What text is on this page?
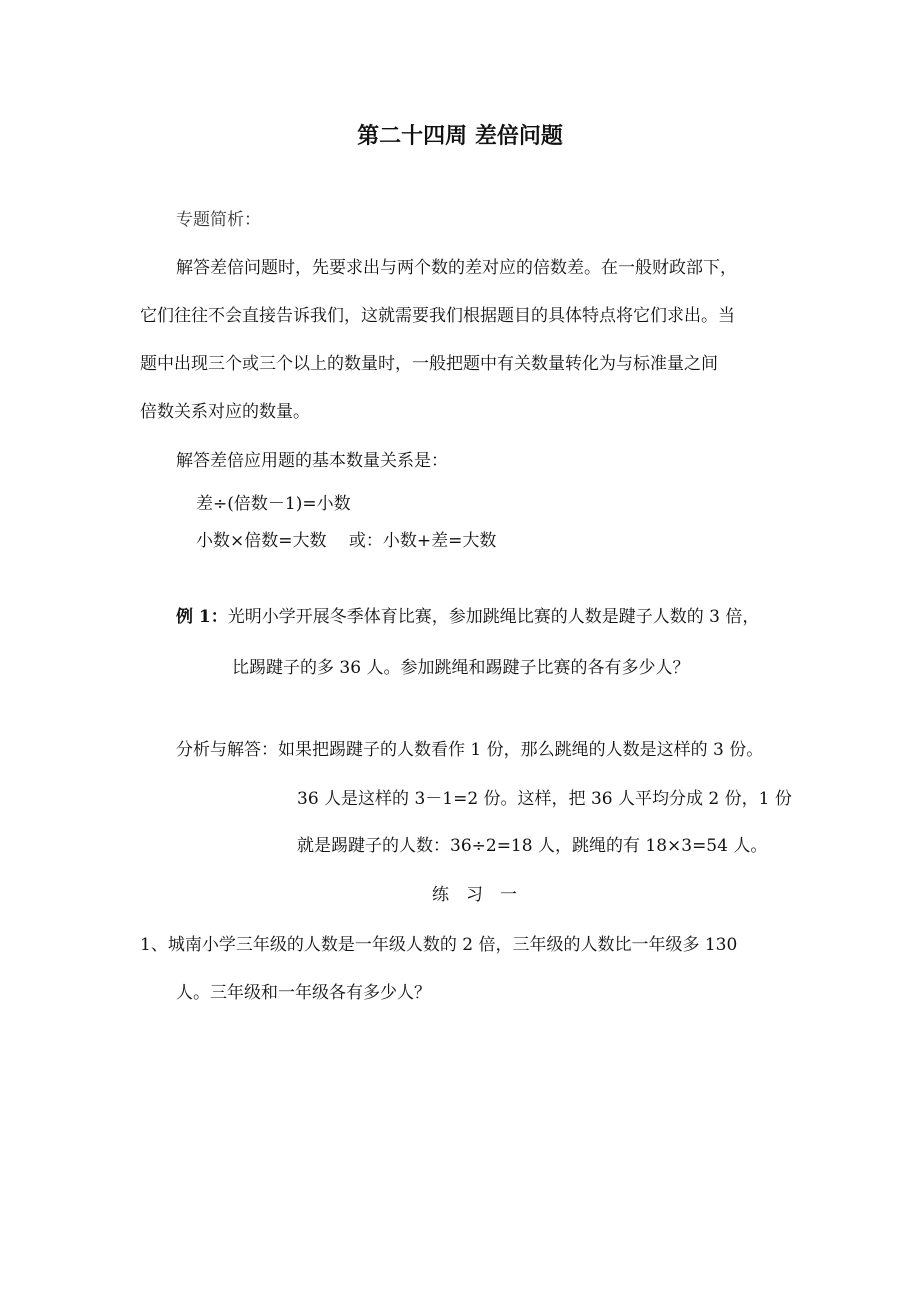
第二十四周 差倍问题
专题简析：
解答差倍问题时，先要求出与两个数的差对应的倍数差。在一般财政部下，
它们往往不会直接告诉我们，这就需要我们根据题目的具体特点将它们求出。当
题中出现三个或三个以上的数量时，一般把题中有关数量转化为与标准量之间
倍数关系对应的数量。
解答差倍应用题的基本数量关系是：
差÷(倍数－1)=小数
小数×倍数=大数　 或：小数+差=大数
例 1：光明小学开展冬季体育比赛，参加跳绳比赛的人数是踺子人数的 3 倍，
比踢踺子的多 36 人。参加跳绳和踢踺子比赛的各有多少人？
分析与解答：如果把踢踺子的人数看作 1 份，那么跳绳的人数是这样的 3 份。
36 人是这样的 3－1=2 份。这样，把 36 人平均分成 2 份，1 份
就是踢踺子的人数：36÷2=18 人，跳绳的有 18×3=54 人。
练　习　一
1、城南小学三年级的人数是一年级人数的 2 倍，三年级的人数比一年级多 130
人。三年级和一年级各有多少人？
